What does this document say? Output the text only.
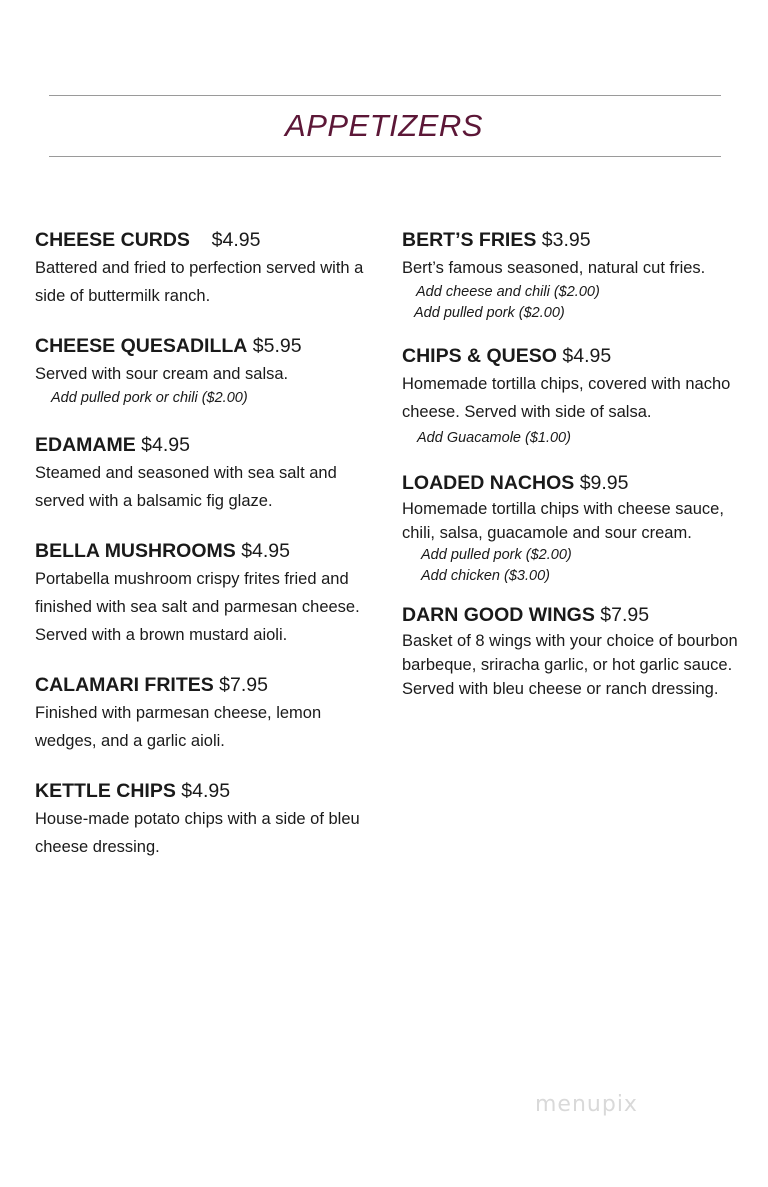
APPETIZERS
CHEESE CURDS $4.95
Battered and fried to perfection served with a side of buttermilk ranch.
CHEESE QUESADILLA $5.95
Served with sour cream and salsa.
Add pulled pork or chili ($2.00)
EDAMAME $4.95
Steamed and seasoned with sea salt and served with a balsamic fig glaze.
BELLA MUSHROOMS $4.95
Portabella mushroom crispy frites fried and finished with sea salt and parmesan cheese. Served with a brown mustard aioli.
CALAMARI FRITES $7.95
Finished with parmesan cheese, lemon wedges, and a garlic aioli.
KETTLE CHIPS $4.95
House-made potato chips with a side of bleu cheese dressing.
BERT’S FRIES $3.95
Bert’s famous seasoned, natural cut fries.
Add cheese and chili ($2.00)
Add pulled pork ($2.00)
CHIPS & QUESO $4.95
Homemade tortilla chips, covered with nacho cheese. Served with side of salsa.
Add Guacamole ($1.00)
LOADED NACHOS $9.95
Homemade tortilla chips with cheese sauce, chili, salsa, guacamole and sour cream.
Add pulled pork ($2.00)
Add chicken ($3.00)
DARN GOOD WINGS $7.95
Basket of 8 wings with your choice of bourbon barbeque, sriracha garlic, or hot garlic sauce. Served with bleu cheese or ranch dressing.
menupix
